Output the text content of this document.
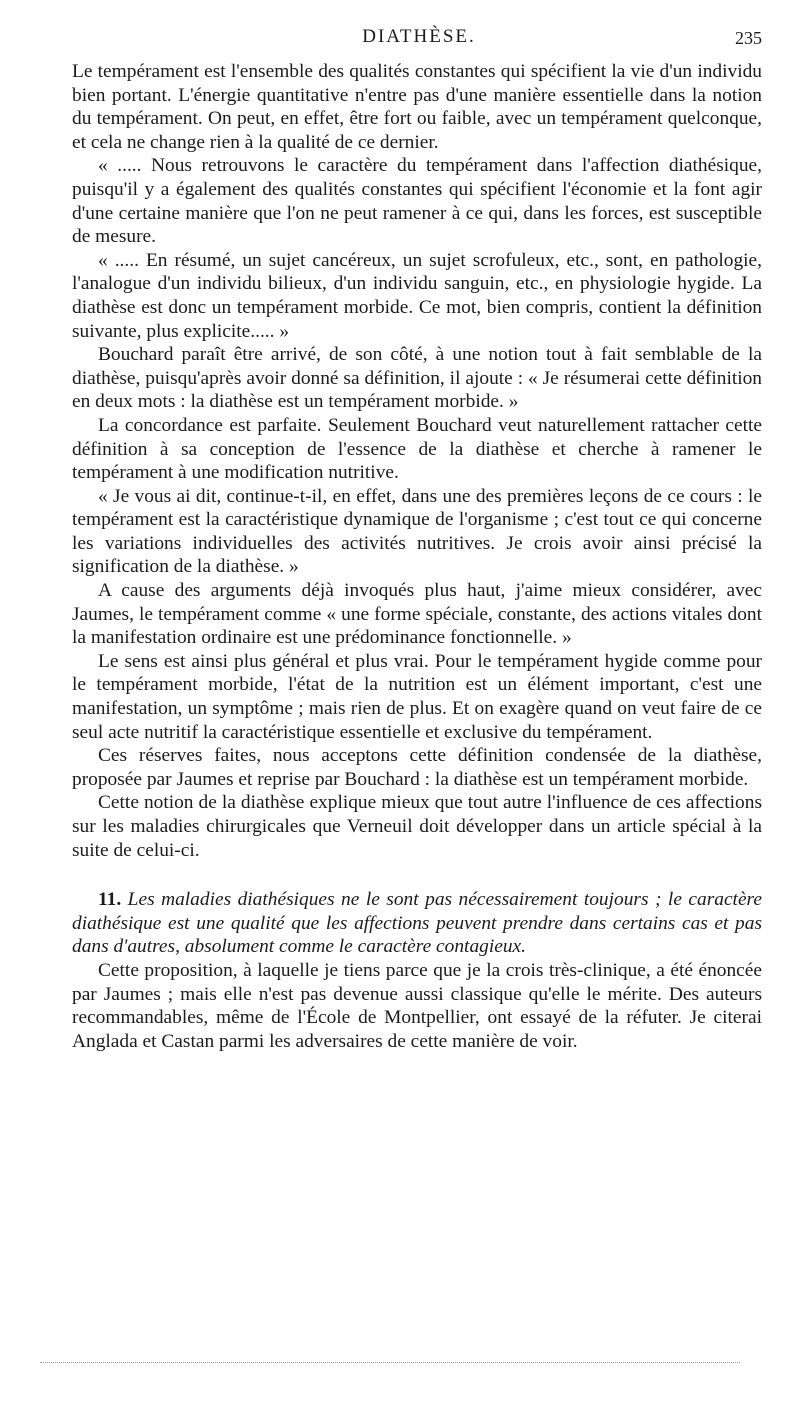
DIATHÈSE.	235

Le tempérament est l'ensemble des qualités constantes qui spécifient la vie d'un individu bien portant. L'énergie quantitative n'entre pas d'une manière essentielle dans la notion du tempérament. On peut, en effet, être fort ou faible, avec un tempérament quelconque, et cela ne change rien à la qualité de ce dernier.

« ..... Nous retrouvons le caractère du tempérament dans l'affection diathésique, puisqu'il y a également des qualités constantes qui spécifient l'économie et la font agir d'une certaine manière que l'on ne peut ramener à ce qui, dans les forces, est susceptible de mesure.

« ..... En résumé, un sujet cancéreux, un sujet scrofuleux, etc., sont, en pathologie, l'analogue d'un individu bilieux, d'un individu sanguin, etc., en physiologie hygide. La diathèse est donc un tempérament morbide. Ce mot, bien compris, contient la définition suivante, plus explicite..... »

Bouchard paraît être arrivé, de son côté, à une notion tout à fait semblable de la diathèse, puisqu'après avoir donné sa définition, il ajoute : « Je résumerai cette définition en deux mots : la diathèse est un tempérament morbide. »

La concordance est parfaite. Seulement Bouchard veut naturellement rattacher cette définition à sa conception de l'essence de la diathèse et cherche à ramener le tempérament à une modification nutritive.

« Je vous ai dit, continue-t-il, en effet, dans une des premières leçons de ce cours : le tempérament est la caractéristique dynamique de l'organisme ; c'est tout ce qui concerne les variations individuelles des activités nutritives. Je crois avoir ainsi précisé la signification de la diathèse. »

A cause des arguments déjà invoqués plus haut, j'aime mieux considérer, avec Jaumes, le tempérament comme « une forme spéciale, constante, des actions vitales dont la manifestation ordinaire est une prédominance fonctionnelle. »

Le sens est ainsi plus général et plus vrai. Pour le tempérament hygide comme pour le tempérament morbide, l'état de la nutrition est un élément important, c'est une manifestation, un symptôme ; mais rien de plus. Et on exagère quand on veut faire de ce seul acte nutritif la caractéristique essentielle et exclusive du tempérament.

Ces réserves faites, nous acceptons cette définition condensée de la diathèse, proposée par Jaumes et reprise par Bouchard : la diathèse est un tempérament morbide.

Cette notion de la diathèse explique mieux que tout autre l'influence de ces affections sur les maladies chirurgicales que Verneuil doit développer dans un article spécial à la suite de celui-ci.

11. Les maladies diathésiques ne le sont pas nécessairement toujours ; le caractère diathésique est une qualité que les affections peuvent prendre dans certains cas et pas dans d'autres, absolument comme le caractère contagieux.

Cette proposition, à laquelle je tiens parce que je la crois très-clinique, a été énoncée par Jaumes ; mais elle n'est pas devenue aussi classique qu'elle le mérite. Des auteurs recommandables, même de l'École de Montpellier, ont essayé de la réfuter. Je citerai Anglada et Castan parmi les adversaires de cette manière de voir.
